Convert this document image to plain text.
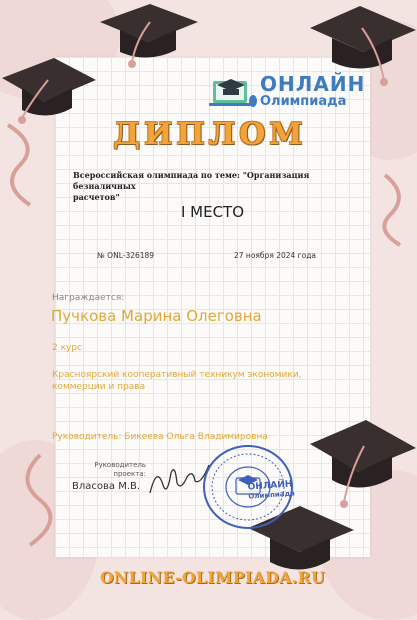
ОНЛАЙН
Олимпиада
ДИПЛОМ
Всероссийская олимпиада по теме: "Организация безналичных
расчетов"
I МЕСТО
№ ONL-326189	27 ноября 2024 года
Награждается:
Пучкова Марина Олеговна
2 курс
Красноярский кооперативный техникум экономики,
коммерции и права
Руководитель: Бикеева Ольга Владимировна
Руководитель
проекта:
Власова М.В.	ОНЛАЙН
Олимпиада
ONLINE-OLIMPIADA.RU
